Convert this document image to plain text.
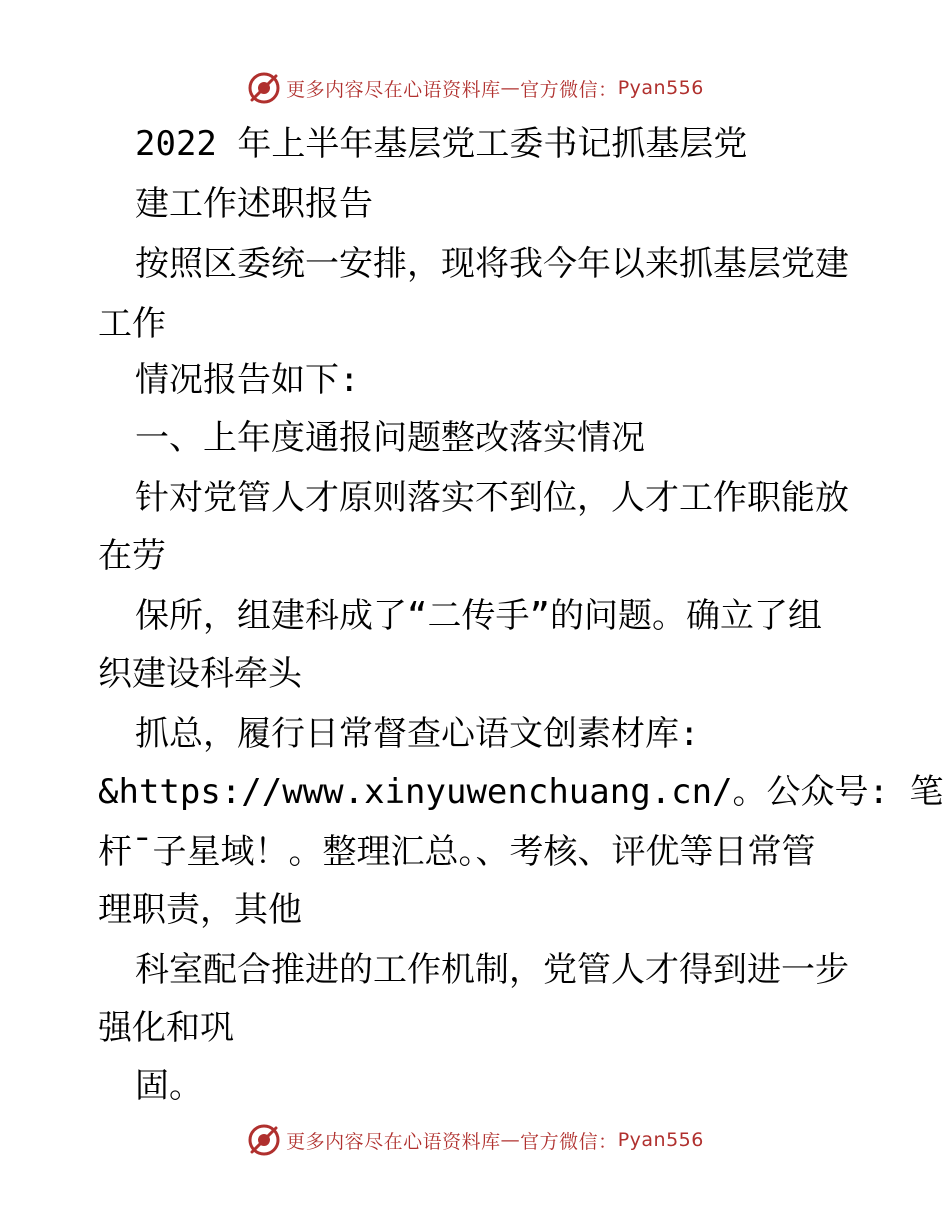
更多内容尽在心语资料库 — 官方微信： Pyan556
2022 年上半年基层党工委书记抓基层党
建工作述职报告
按照区委统一安排，现将我今年以来抓基层党建
工作
情况报告如下:
一、上年度通报问题整改落实情况
针对党管人才原则落实不到位，人才工作职能放
在劳
保所，组建科成了“二传手”的问题。确立了组
织建设科牵头
抓总，履行日常督查心语文创素材库:
&https://www.xinyuwenchuang.cn/。公众号: 笔
杆¯子星域！。整理汇总。、考核、评优等日常管
理职责，其他
科室配合推进的工作机制，党管人才得到进一步
强化和巩
固。
更多内容尽在心语资料库 — 官方微信： Pyan556
